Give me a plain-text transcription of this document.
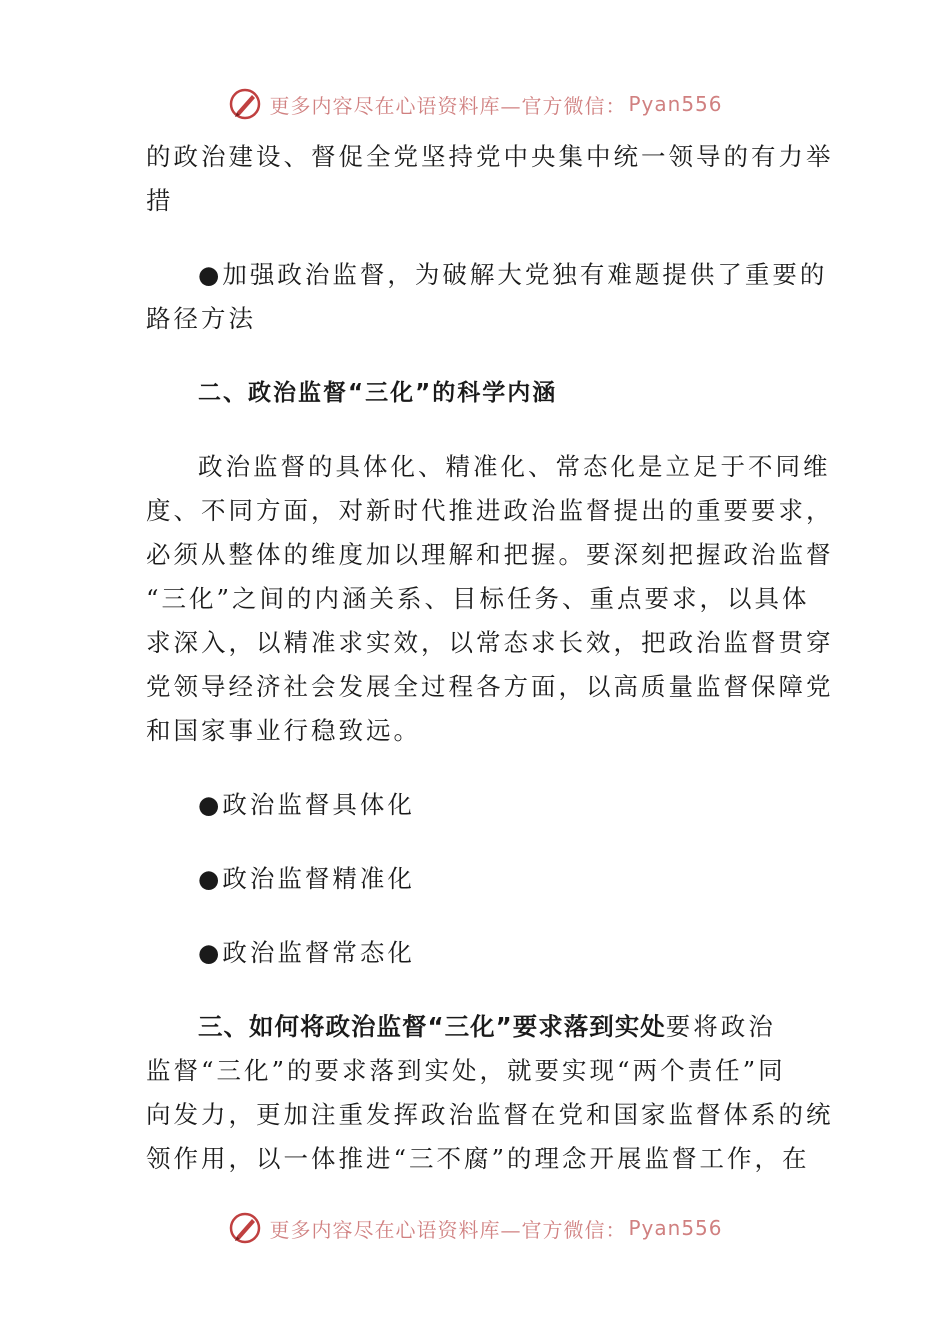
更多内容尽在心语资料库—官方微信： Pyan556

的政治建设、督促全党坚持党中央集中统一领导的有力举

措

●加强政治监督，为破解大党独有难题提供了重要的

路径方法

二、政治监督“三化”的科学内涵

政治监督的具体化、精准化、常态化是立足于不同维

度、不同方面，对新时代推进政治监督提出的重要要求，

必须从整体的维度加以理解和把握。要深刻把握政治监督

“三化”之间的内涵关系、目标任务、重点要求，以具体

求深入，以精准求实效，以常态求长效，把政治监督贯穿

党领导经济社会发展全过程各方面，以高质量监督保障党

和国家事业行稳致远。

●政治监督具体化

●政治监督精准化

●政治监督常态化

三、如何将政治监督“三化”要求落到实处要将政治

监督“三化”的要求落到实处，就要实现“两个责任”同

向发力，更加注重发挥政治监督在党和国家监督体系的统

领作用，以一体推进“三不腐”的理念开展监督工作，在

更多内容尽在心语资料库—官方微信： Pyan556
